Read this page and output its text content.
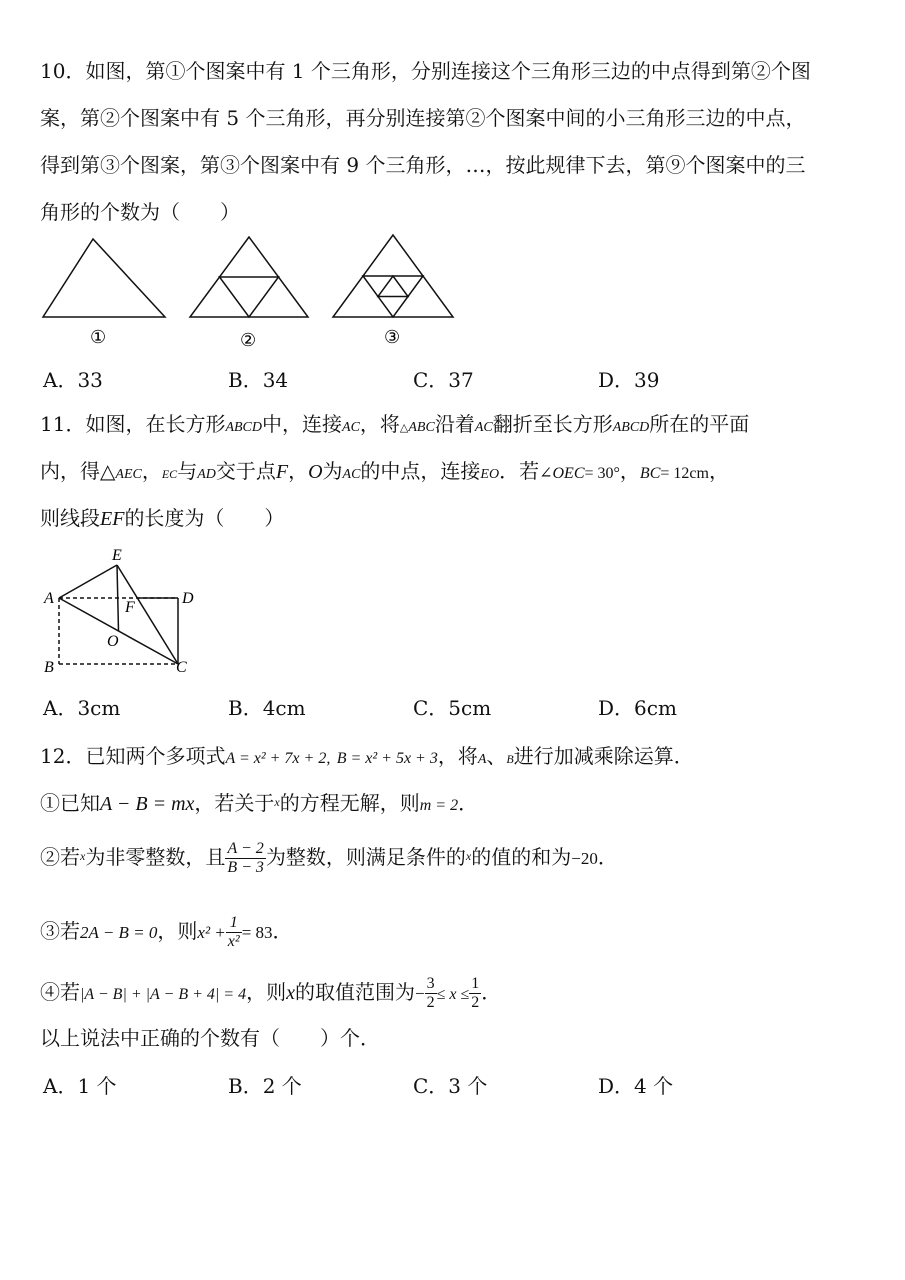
10．如图，第①个图案中有 1 个三角形，分别连接这个三角形三边的中点得到第②个图
案，第②个图案中有 5 个三角形，再分别连接第②个图案中间的小三角形三边的中点，
得到第③个图案，第③个图案中有 9 个三角形，…，按此规律下去，第⑨个图案中的三
角形的个数为（　　）
①	②	③
A．33	B．34	C．37	D．39
11．如图，在长方形ABCD中，连接AC，将△ABC沿着AC翻折至长方形ABCD所在的平面
内，得△AEC，EC与AD交于点F，O为AC的中点，连接EO．若∠OEC= 30°，BC= 12cm，
则线段EF的长度为（　　）
E
A	D
F
O
B	C
A．3cm	B．4cm	C．5cm	D．6cm
12．已知两个多项式A = x² + 7x + 2, B = x² + 5x + 3，将A、B进行加减乘除运算．
①已知A − B = mx，若关于$^x$的方程无解，则m = 2．
②若$^x$为非零整数，且 $\frac{A - 2}{B - 3}$ 为整数，则满足条件的$^x$的值的和为−20．
③若2A − B = 0，则$x^2 + \frac{1}{\text{x²}} = 83$．
④若|A − B| + |A − B + 4| = 4，则x的取值范围为− $\frac{3}{2} \le x \le \frac{1}{2}$ ．
以上说法中正确的个数有（　　）个．
A．1 个	B．2 个	C．3 个	D．4 个
